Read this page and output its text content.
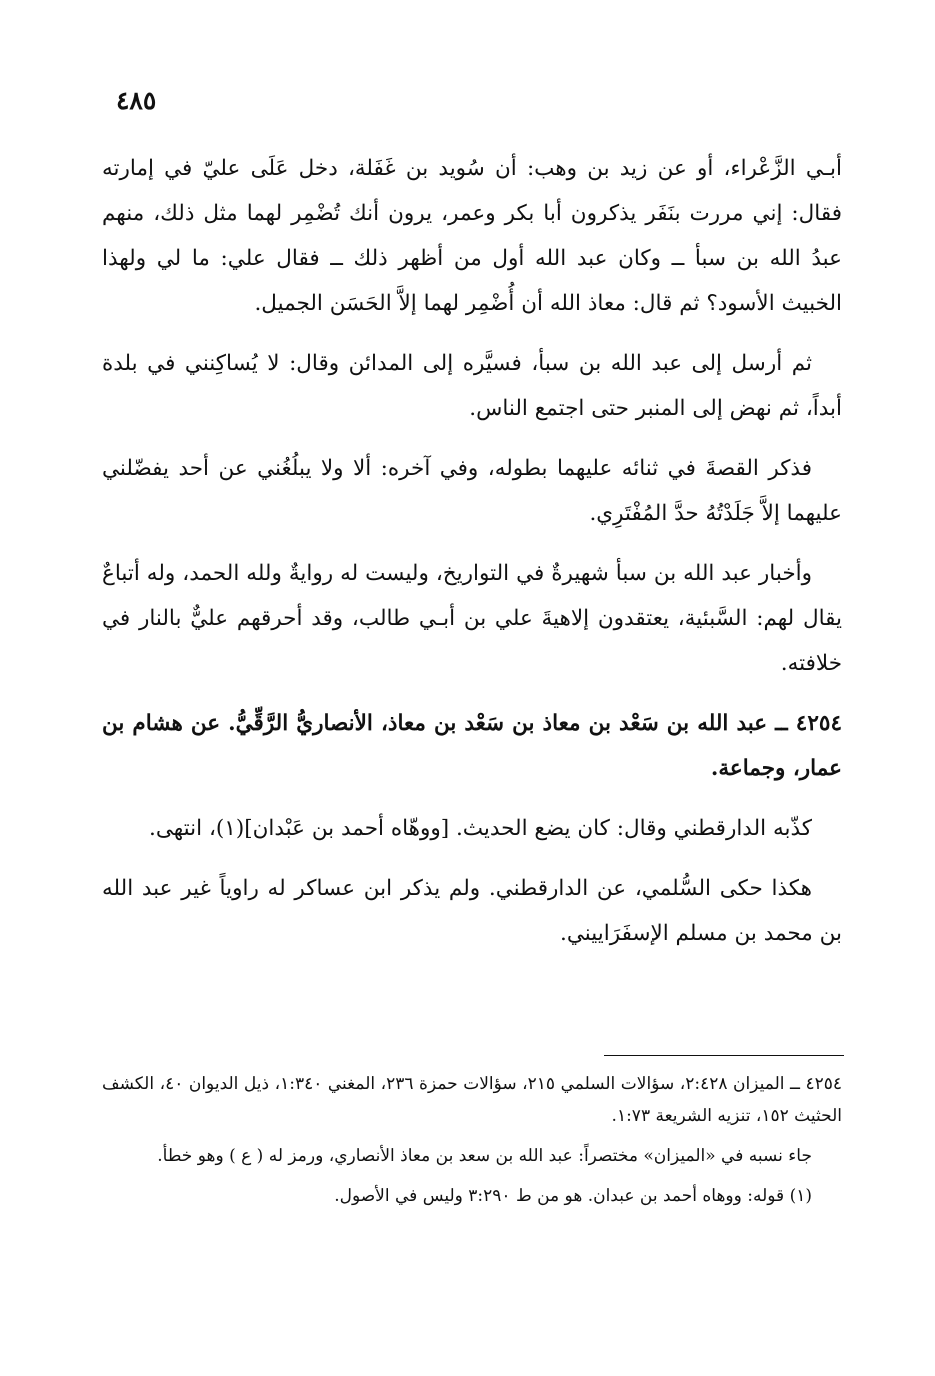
٤٨٥

أبـي الزَّعْراء، أو عن زيد بن وهب: أن سُويد بن غَفَلة، دخل عَلَى عليّ في إمارته فقال: إني مررت بنَفَر يذكرون أبا بكر وعمر، يرون أنك تُضْمِر لهما مثل ذلك، منهم عبدُ الله بن سبأ ــ وكان عبد الله أول من أظهر ذلك ــ فقال علي: ما لي ولهذا الخبيث الأسود؟ ثم قال: معاذ الله أن أُضْمِر لهما إلاَّ الحَسَن الجميل.

ثم أرسل إلى عبد الله بن سبأ، فسيَّره إلى المدائن وقال: لا يُساكِنني في بلدة أبداً، ثم نهض إلى المنبر حتى اجتمع الناس.

فذكر القصةَ في ثنائه عليهما بطوله، وفي آخره: ألا ولا يبلُغُني عن أحد يفضّلني عليهما إلاَّ جَلَدْتُهُ حدَّ المُفْتَرِي.

وأخبار عبد الله بن سبأ شهيرةٌ في التواريخ، وليست له روايةٌ ولله الحمد، وله أتباعٌ يقال لهم: السَّبئية، يعتقدون إلاهيةَ علي بن أبـي طالب، وقد أحرقهم عليٌّ بالنار في خلافته.

٤٢٥٤ ــ عبد الله بن سَعْد بن معاذ بن سَعْد بن معاذ، الأنصاريُّ الرَّقِّيُّ. عن هشام بن عمار، وجماعة.

كذّبه الدارقطني وقال: كان يضع الحديث. [ووهّاه أحمد بن عَبْدان](١)، انتهى.

هكذا حكى السُّلمي، عن الدارقطني. ولم يذكر ابن عساكر له راوياً غير عبد الله بن محمد بن مسلم الإسفَرَاييني.

٤٢٥٤ ــ الميزان ٢:٤٢٨، سؤالات السلمي ٢١٥، سؤالات حمزة ٢٣٦، المغني ١:٣٤٠، ذيل الديوان ٤٠، الكشف الحثيث ١٥٢، تنزيه الشريعة ١:٧٣.

جاء نسبه في «الميزان» مختصراً: عبد الله بن سعد بن معاذ الأنصاري، ورمز له ( ع ) وهو خطأ.

(١) قوله: ووهاه أحمد بن عبدان. هو من ط ٣:٢٩٠ وليس في الأصول.
